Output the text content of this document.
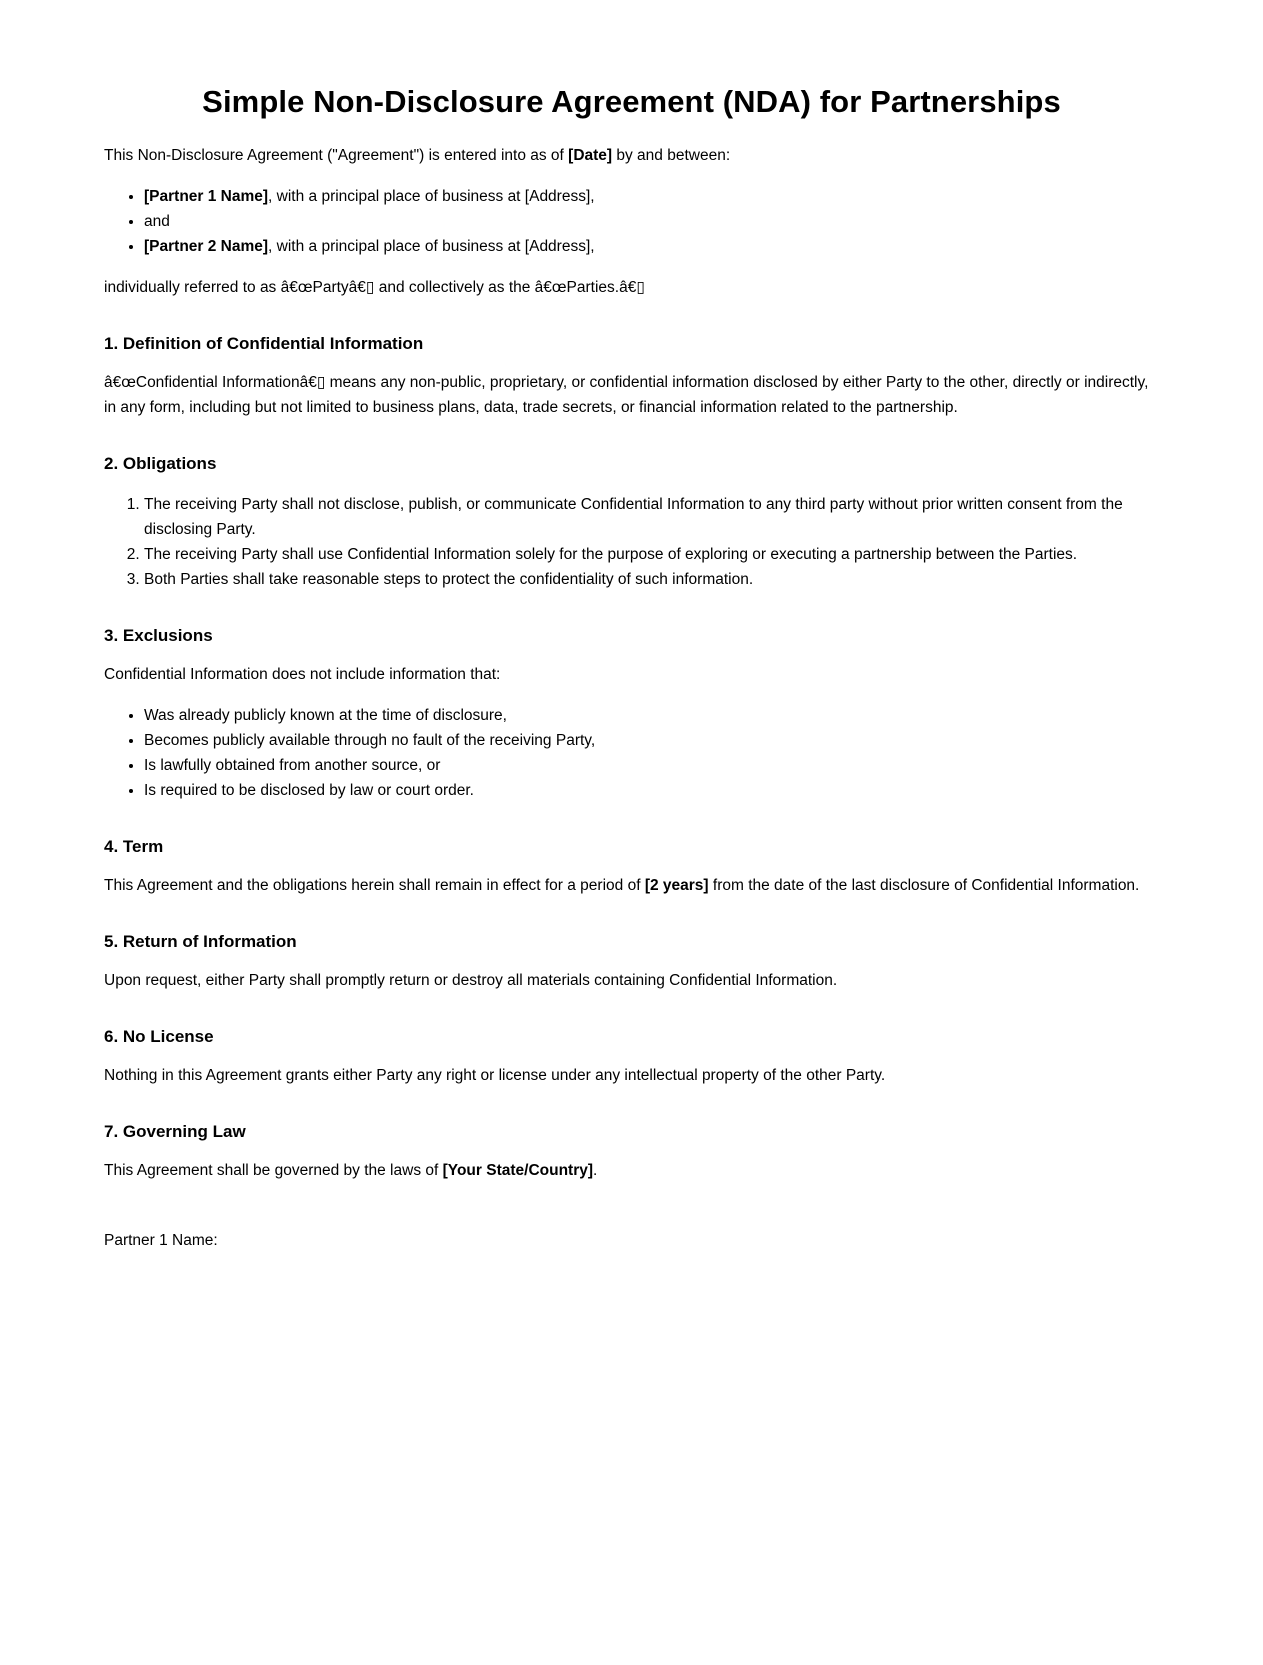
Simple Non-Disclosure Agreement (NDA) for Partnerships

This Non-Disclosure Agreement ("Agreement") is entered into as of [Date] by and between:

• [Partner 1 Name], with a principal place of business at [Address],
• and
• [Partner 2 Name], with a principal place of business at [Address],

individually referred to as â€œPartyâ€▯ and collectively as the â€œParties.â€▯

1. Definition of Confidential Information

â€œConfidential Informationâ€▯ means any non-public, proprietary, or confidential information disclosed by either Party to the other, directly or indirectly, in any form, including but not limited to business plans, data, trade secrets, or financial information related to the partnership.

2. Obligations
1. The receiving Party shall not disclose, publish, or communicate Confidential Information to any third party without prior written consent from the disclosing Party.
2. The receiving Party shall use Confidential Information solely for the purpose of exploring or executing a partnership between the Parties.
3. Both Parties shall take reasonable steps to protect the confidentiality of such information.
3. Exclusions

Confidential Information does not include information that:

• Was already publicly known at the time of disclosure,
• Becomes publicly available through no fault of the receiving Party,
• Is lawfully obtained from another source, or
• Is required to be disclosed by law or court order.
4. Term

This Agreement and the obligations herein shall remain in effect for a period of [2 years] from the date of the last disclosure of Confidential Information.

5. Return of Information

Upon request, either Party shall promptly return or destroy all materials containing Confidential Information.

6. No License

Nothing in this Agreement grants either Party any right or license under any intellectual property of the other Party.

7. Governing Law

This Agreement shall be governed by the laws of [Your State/Country].

Partner 1 Name:
